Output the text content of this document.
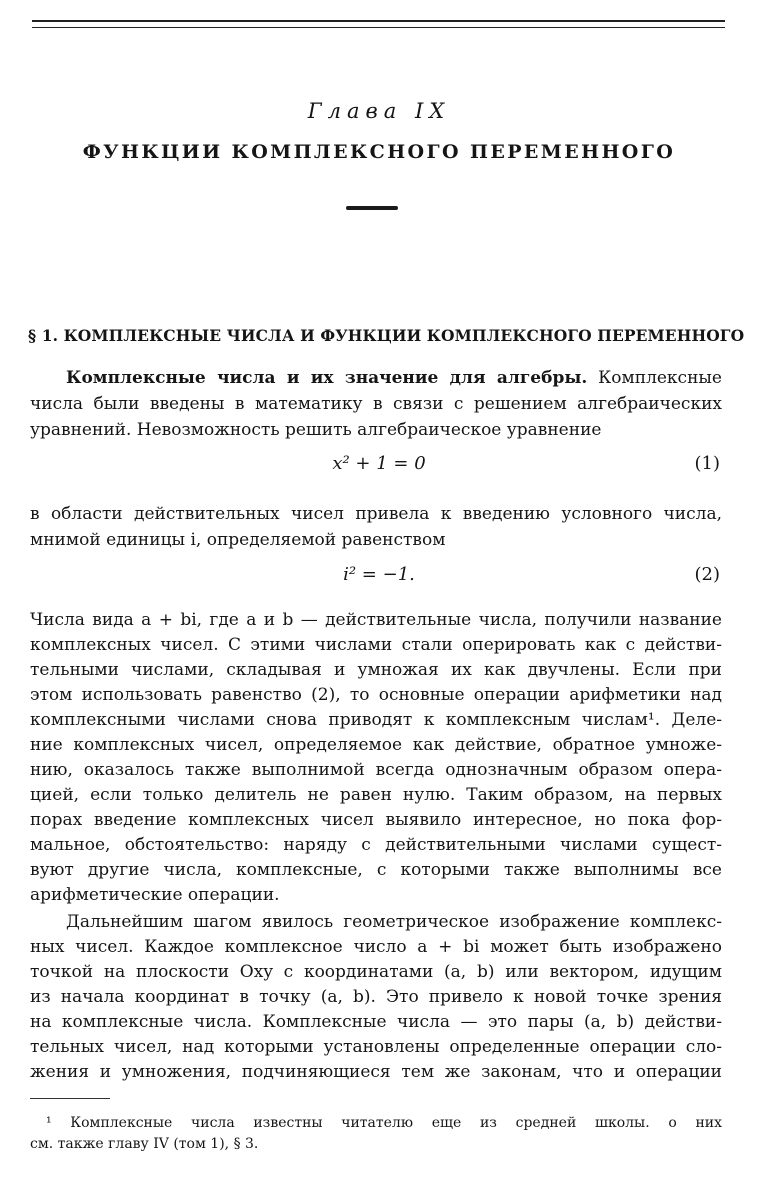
Глава IX
ФУНКЦИИ КОМПЛЕКСНОГО ПЕРЕМЕННОГО
§ 1. КОМПЛЕКСНЫЕ ЧИСЛА И ФУНКЦИИ КОМПЛЕКСНОГО ПЕРЕМЕННОГО
Комплексные числа и их значение для алгебры. Комплексные
числа были введены в математику в связи с решением алгебраических
уравнений. Невозможность решить алгебраическое уравнение
x² + 1 = 0	(1)
в области действительных чисел привела к введению условного числа,
мнимой единицы i, определяемой равенством
i² = −1.	(2)
Числа вида a + bi, где a и b — действительные числа, получили название
комплексных чисел. С этими числами стали оперировать как с действи-
тельными числами, складывая и умножая их как двучлены. Если при
этом использовать равенство (2), то основные операции арифметики над
комплексными числами снова приводят к комплексным числам¹. Деле-
ние комплексных чисел, определяемое как действие, обратное умноже-
нию, оказалось также выполнимой всегда однозначным образом опера-
цией, если только делитель не равен нулю. Таким образом, на первых
порах введение комплексных чисел выявило интересное, но пока фор-
мальное, обстоятельство: наряду с действительными числами сущест-
вуют другие числа, комплексные, с которыми также выполнимы все
арифметические операции.
Дальнейшим шагом явилось геометрическое изображение комплекс-
ных чисел. Каждое комплексное число a + bi может быть изображено
точкой на плоскости Oxy с координатами (a, b) или вектором, идущим
из начала координат в точку (a, b). Это привело к новой точке зрения
на комплексные числа. Комплексные числа — это пары (a, b) действи-
тельных чисел, над которыми установлены определенные операции сло-
жения и умножения, подчиняющиеся тем же законам, что и операции
¹ Комплексные числа известны читателю еще из средней школы. о них
см. также главу IV (том 1), § 3.
